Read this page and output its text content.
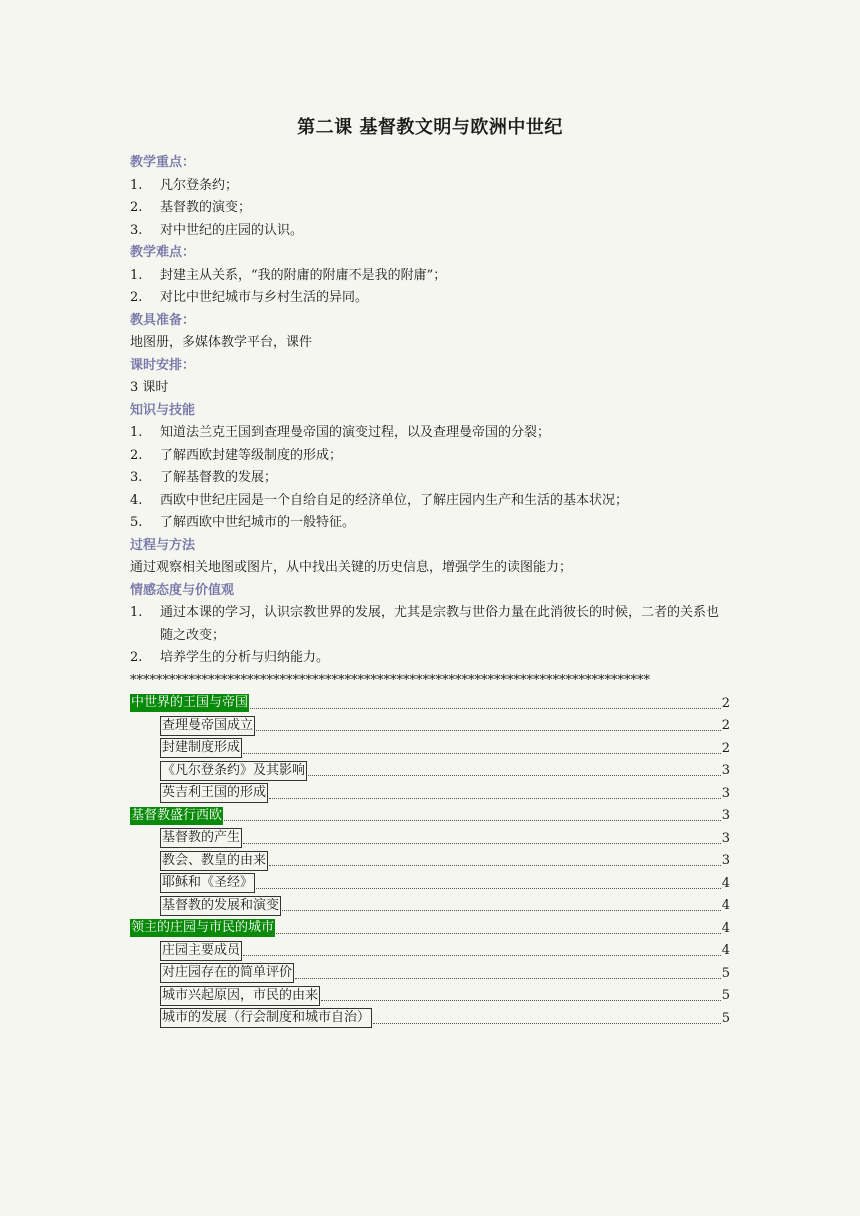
第二课 基督教文明与欧洲中世纪
教学重点：
1. 凡尔登条约；
2. 基督教的演变；
3. 对中世纪的庄园的认识。
教学难点：
1. 封建主从关系，“我的附庸的附庸不是我的附庸”；
2. 对比中世纪城市与乡村生活的异同。
教具准备：
地图册，多媒体教学平台，课件
课时安排：
3 课时
知识与技能
1. 知道法兰克王国到查理曼帝国的演变过程，以及查理曼帝国的分裂；
2. 了解西欧封建等级制度的形成；
3. 了解基督教的发展；
4. 西欧中世纪庄园是一个自给自足的经济单位，了解庄园内生产和生活的基本状况；
5. 了解西欧中世纪城市的一般特征。
过程与方法
通过观察相关地图或图片，从中找出关键的历史信息，增强学生的读图能力；
情感态度与价值观
1.	通过本课的学习，认识宗教世界的发展，尤其是宗教与世俗力量在此消彼长的时候，二者的关系也随之改变；
2. 培养学生的分析与归纳能力。
********************************************************************************
中世界的王国与帝国	2
查理曼帝国成立	2
封建制度形成	2
《凡尔登条约》及其影响	3
英吉利王国的形成	3
基督教盛行西欧	3
基督教的产生	3
教会、教皇的由来	3
耶稣和《圣经》	4
基督教的发展和演变	4
领主的庄园与市民的城市	4
庄园主要成员	4
对庄园存在的简单评价	5
城市兴起原因，市民的由来	5
城市的发展（行会制度和城市自治）	5
